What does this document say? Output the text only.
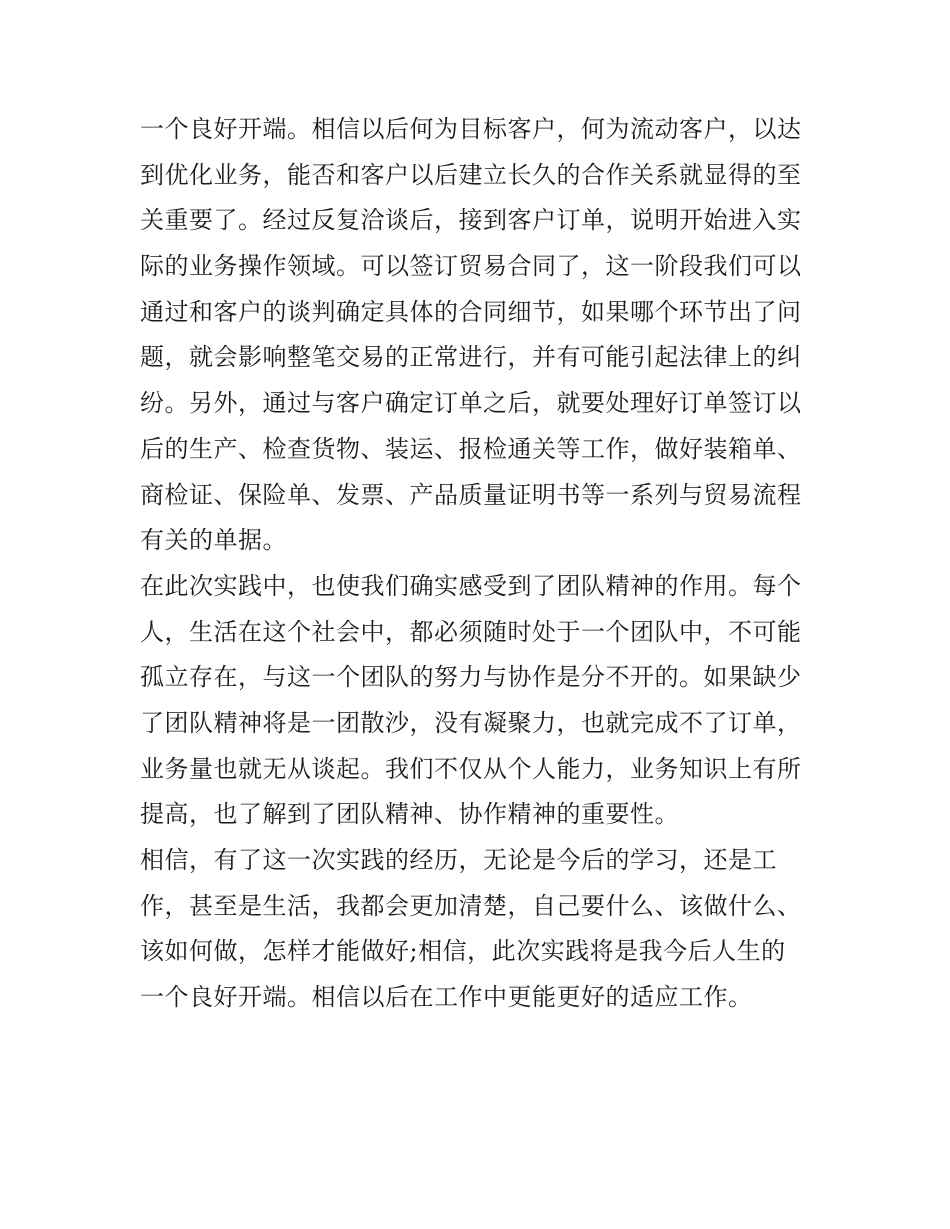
一个良好开端。相信以后何为目标客户，何为流动客户，以达
到优化业务，能否和客户以后建立长久的合作关系就显得的至
关重要了。经过反复洽谈后，接到客户订单，说明开始进入实
际的业务操作领域。可以签订贸易合同了，这一阶段我们可以
通过和客户的谈判确定具体的合同细节，如果哪个环节出了问
题，就会影响整笔交易的正常进行，并有可能引起法律上的纠
纷。另外，通过与客户确定订单之后，就要处理好订单签订以
后的生产、检查货物、装运、报检通关等工作，做好装箱单、
商检证、保险单、发票、产品质量证明书等一系列与贸易流程
有关的单据。
在此次实践中，也使我们确实感受到了团队精神的作用。每个
人，生活在这个社会中，都必须随时处于一个团队中，不可能
孤立存在，与这一个团队的努力与协作是分不开的。如果缺少
了团队精神将是一团散沙，没有凝聚力，也就完成不了订单，
业务量也就无从谈起。我们不仅从个人能力，业务知识上有所
提高，也了解到了团队精神、协作精神的重要性。
相信，有了这一次实践的经历，无论是今后的学习，还是工
作，甚至是生活，我都会更加清楚，自己要什么、该做什么、
该如何做，怎样才能做好;相信，此次实践将是我今后人生的
一个良好开端。相信以后在工作中更能更好的适应工作。
